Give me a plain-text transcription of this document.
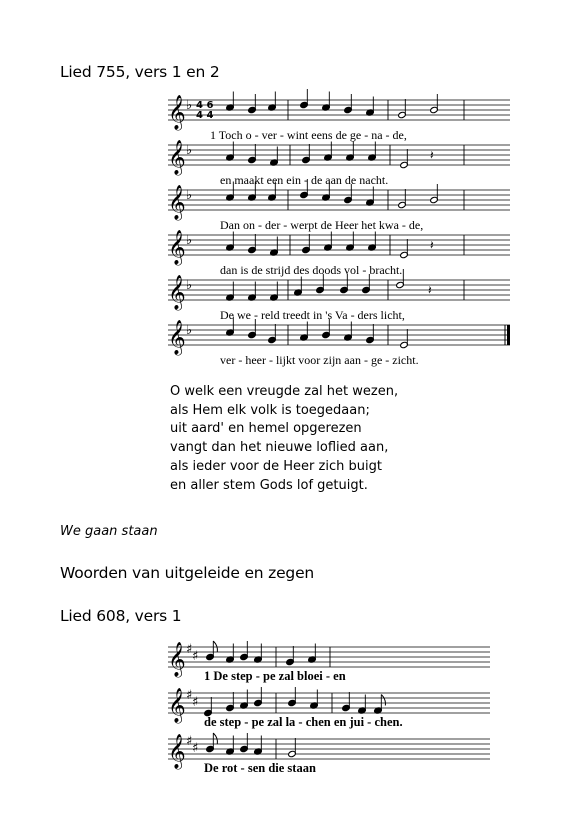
Lied 755, vers 1 en 2
𝄞 ♭ 4 6
4 4
𝄞 ♭	𝄽
𝄞 ♭
𝄞 ♭	𝄽
𝄞 ♭	𝄽
𝄞 ♭
1 Toch o - ver - wint eens de ge - na - de,
en maakt een ein - de aan de nacht.
Dan on - der - werpt de Heer het kwa - de,
dan is de strijd des doods vol - bracht.
De we - reld treedt in 's Va - ders licht,
ver - heer - lijkt voor zijn aan - ge - zicht.
O welk een vreugde zal het wezen,
als Hem elk volk is toegedaan;
uit aard' en hemel opgerezen
vangt dan het nieuwe loflied aan,
als ieder voor de Heer zich buigt
en aller stem Gods lof getuigt.
We gaan staan
Woorden van uitgeleide en zegen
Lied 608, vers 1
𝄞 ♯ ♯
𝄞 ♯ ♯
𝄞 ♯ ♯
1 De step - pe zal bloei - en
de step - pe zal la - chen en jui - chen.
De rot - sen die staan
